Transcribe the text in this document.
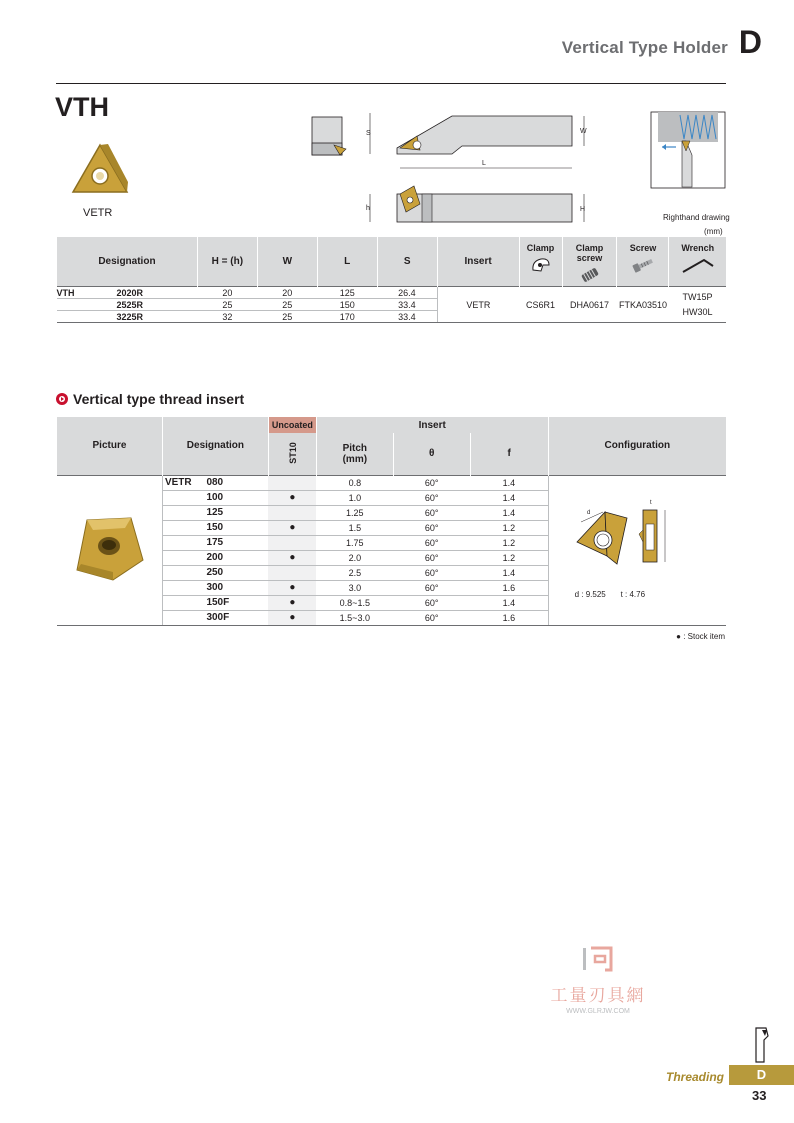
Vertical Type Holder D
VTH
VETR
S	W
L
h	H
Righthand drawing
(mm)
Designation	H = (h)	W	L	S	Insert	Clamp	Clamp screw	Screw	Wrench

VTH 2020R	20	20	125	26.4	VETR	CS6R1	DHA0617	FTKA03510	TW15P
HW30L

2525R	25	25	150	33.4					
3225R	32	25	170	33.4					
Vertical type thread insert
Picture	Designation		Uncoated	Insert			Configuration
			ST10	Pitch
(mm)	θ	f	
	VETR	080		0.8	60°	1.4	d
t
d : 9.525 t : 4.76

		100	●	1.0	60°	1.4	
		125		1.25	60°	1.4	
		150	●	1.5	60°	1.2	
		175		1.75	60°	1.2	
		200	●	2.0	60°	1.2	
		250		2.5	60°	1.4	
		300	●	3.0	60°	1.6	
		150F	●	0.8~1.5	60°	1.4	
		300F	●	1.5~3.0	60°	1.6	
● : Stock item
工量刃具網
WWW.GLRJW.COM
Threading	D
33
